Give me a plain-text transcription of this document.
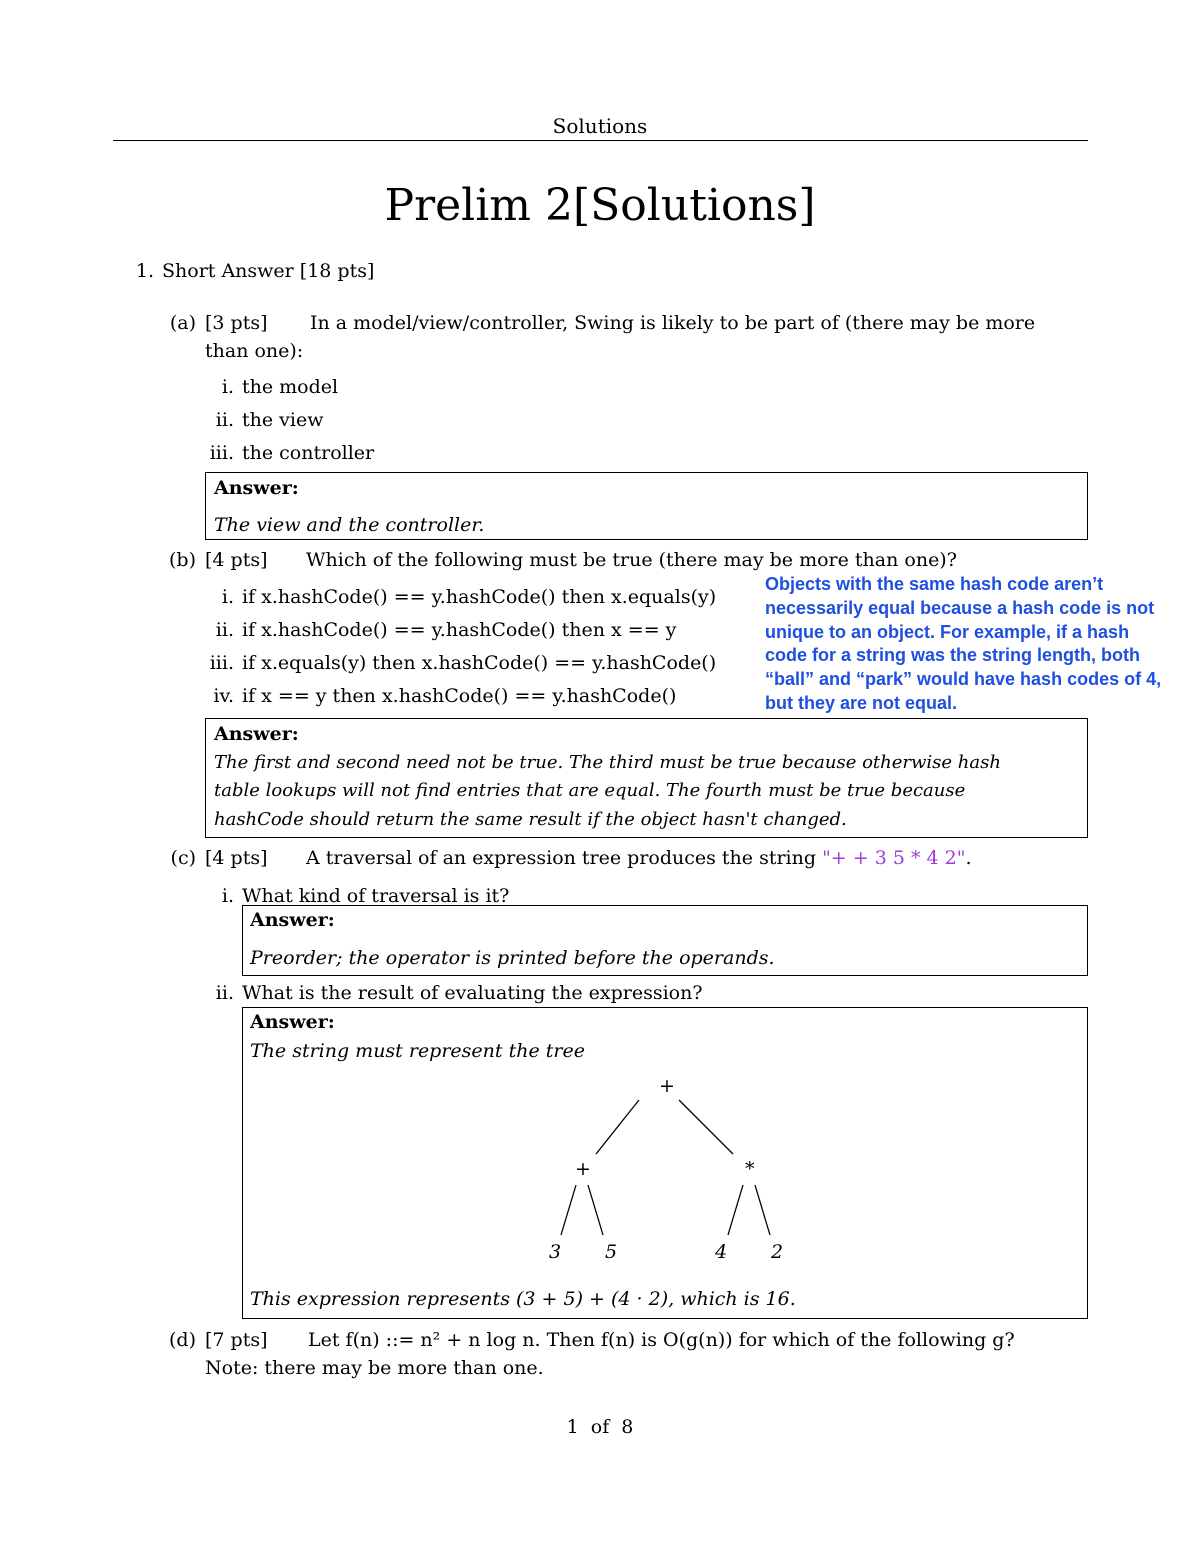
Solutions
Prelim 2[Solutions]
1. Short Answer [18 pts]
(a) [3 pts] In a model/view/controller, Swing is likely to be part of (there may be more
than one):
i. the model
ii. the view
iii. the controller
Answer:
The view and the controller.
(b) [4 pts] Which of the following must be true (there may be more than one)?
i. if x.hashCode() == y.hashCode() then x.equals(y)
ii. if x.hashCode() == y.hashCode() then x == y
iii. if x.equals(y) then x.hashCode() == y.hashCode()
iv. if x == y then x.hashCode() == y.hashCode()
Objects with the same hash code aren’t necessarily equal because a hash code is not unique to an object. For example, if a hash code for a string was the string length, both “ball” and “park” would have hash codes of 4, but they are not equal.
Answer:
The first and second need not be true. The third must be true because otherwise hash
table lookups will not find entries that are equal. The fourth must be true because
hashCode should return the same result if the object hasn't changed.
(c) [4 pts] A traversal of an expression tree produces the string "+ + 3 5 * 4 2".
i. What kind of traversal is it?
Answer:
Preorder; the operator is printed before the operands.
ii. What is the result of evaluating the expression?
Answer:
The string must represent the tree
+
+	*
3 5	4 2
This expression represents (3 + 5) + (4 · 2), which is 16.
(d) [7 pts] Let f(n) ::= n² + n log n. Then f(n) is O(g(n)) for which of the following g?
Note: there may be more than one.
1  of  8
